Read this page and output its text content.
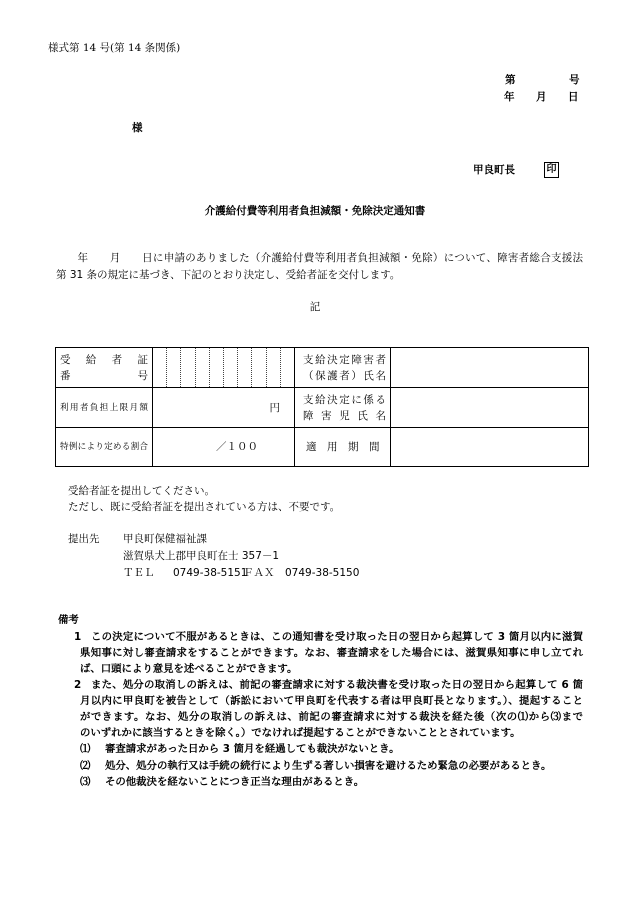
様式第 14 号(第 14 条関係)
第	号
年 月 日
様
甲良町長	印
介護給付費等利用者負担減額・免除決定通知書
　　年　　月　　日に申請のありました（介護給付費等利用者負担減額・免除）について、障害者総合支援法
第 31 条の規定に基づき、下記のとおり決定し、受給者証を交付します。
記
受　給　者　証
番　　　　号		支給決定障害者
（保護者）氏名	

利用者負担上限月額	円	支給決定に係る
障 害 児 氏 名	

特例により定める割合	／１００	適　用　期　間	
受給者証を提出してください。
ただし、既に受給者証を提出されている方は、不要です。
提出先 甲良町保健福祉課
滋賀県犬上郡甲良町在士 357－1
ＴＥＬ 0749-38-5151
ＦＡＸ 0749-38-5150
備考
1 この決定について不服があるときは、この通知書を受け取った日の翌日から起算して 3 箇月以内に滋賀
県知事に対し審査請求をすることができます。なお、審査請求をした場合には、滋賀県知事に申し立てれ
ば、口頭により意見を述べることができます。
2 また、処分の取消しの訴えは、前記の審査請求に対する裁決書を受け取った日の翌日から起算して 6 箇
月以内に甲良町を被告として（訴訟において甲良町を代表する者は甲良町長となります。）、提起すること
ができます。なお、処分の取消しの訴えは、前記の審査請求に対する裁決を経た後（次の⑴から⑶まで
のいずれかに該当するときを除く。）でなければ提起することができないこととされています。
⑴ 審査請求があった日から 3 箇月を経過しても裁決がないとき。
⑵ 処分、処分の執行又は手続の続行により生ずる著しい損害を避けるため緊急の必要があるとき。
⑶ その他裁決を経ないことにつき正当な理由があるとき。
